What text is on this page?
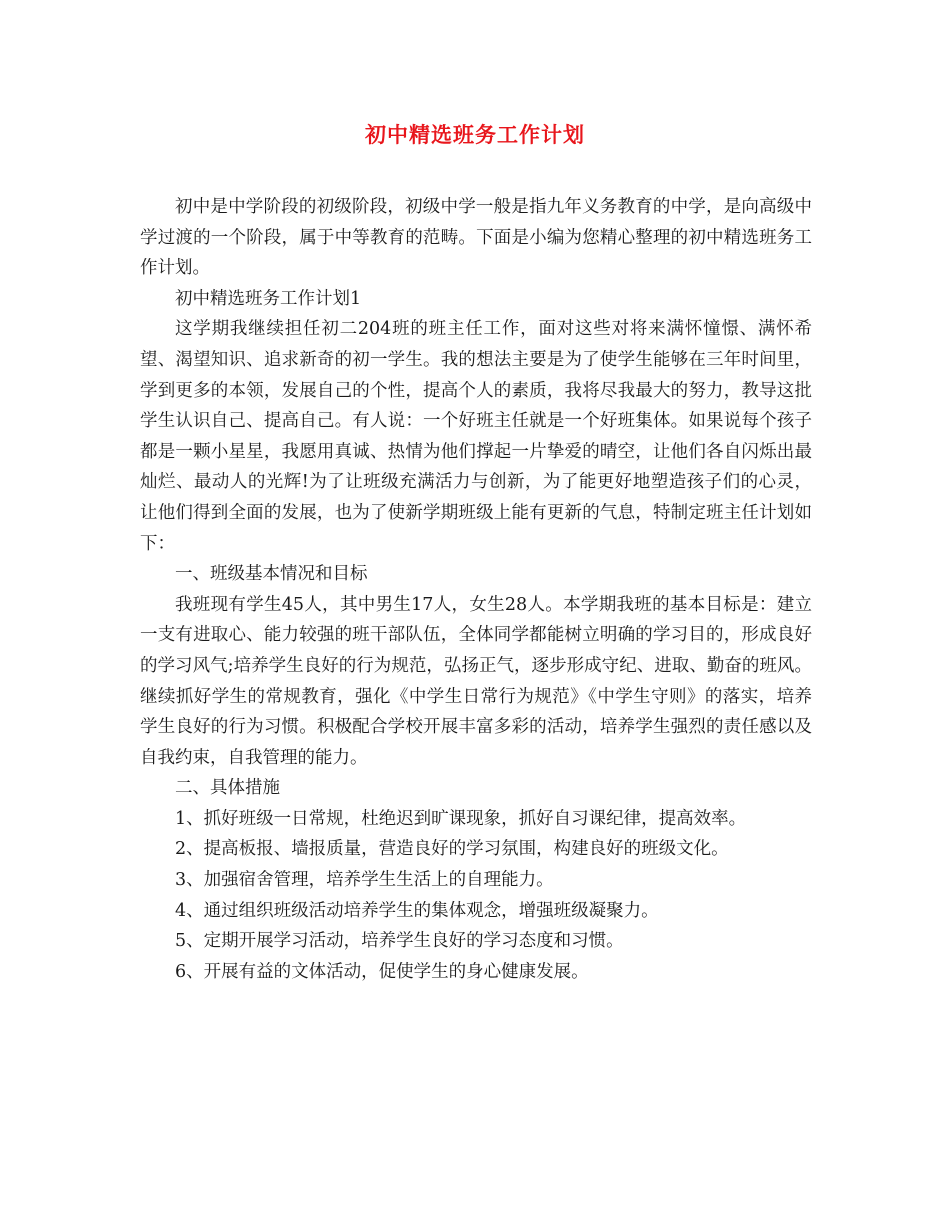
初中精选班务工作计划

初中是中学阶段的初级阶段，初级中学一般是指九年义务教育的中学，是向高级中学过渡的一个阶段，属于中等教育的范畴。下面是小编为您精心整理的初中精选班务工作计划。

初中精选班务工作计划1

这学期我继续担任初二204班的班主任工作，面对这些对将来满怀憧憬、满怀希望、渴望知识、追求新奇的初一学生。我的想法主要是为了使学生能够在三年时间里，学到更多的本领，发展自己的个性，提高个人的素质，我将尽我最大的努力，教导这批学生认识自己、提高自己。有人说：一个好班主任就是一个好班集体。如果说每个孩子都是一颗小星星，我愿用真诚、热情为他们撑起一片挚爱的晴空，让他们各自闪烁出最灿烂、最动人的光辉!为了让班级充满活力与创新，为了能更好地塑造孩子们的心灵，让他们得到全面的发展，也为了使新学期班级上能有更新的气息，特制定班主任计划如下：

一、班级基本情况和目标

我班现有学生45人，其中男生17人，女生28人。本学期我班的基本目标是：建立一支有进取心、能力较强的班干部队伍，全体同学都能树立明确的学习目的，形成良好的学习风气;培养学生良好的行为规范，弘扬正气，逐步形成守纪、进取、勤奋的班风。继续抓好学生的常规教育，强化《中学生日常行为规范》《中学生守则》的落实，培养学生良好的行为习惯。积极配合学校开展丰富多彩的活动，培养学生强烈的责任感以及自我约束，自我管理的能力。

二、具体措施

1、抓好班级一日常规，杜绝迟到旷课现象，抓好自习课纪律，提高效率。

2、提高板报、墙报质量，营造良好的学习氛围，构建良好的班级文化。

3、加强宿舍管理，培养学生生活上的自理能力。

4、通过组织班级活动培养学生的集体观念，增强班级凝聚力。

5、定期开展学习活动，培养学生良好的学习态度和习惯。

6、开展有益的文体活动，促使学生的身心健康发展。
